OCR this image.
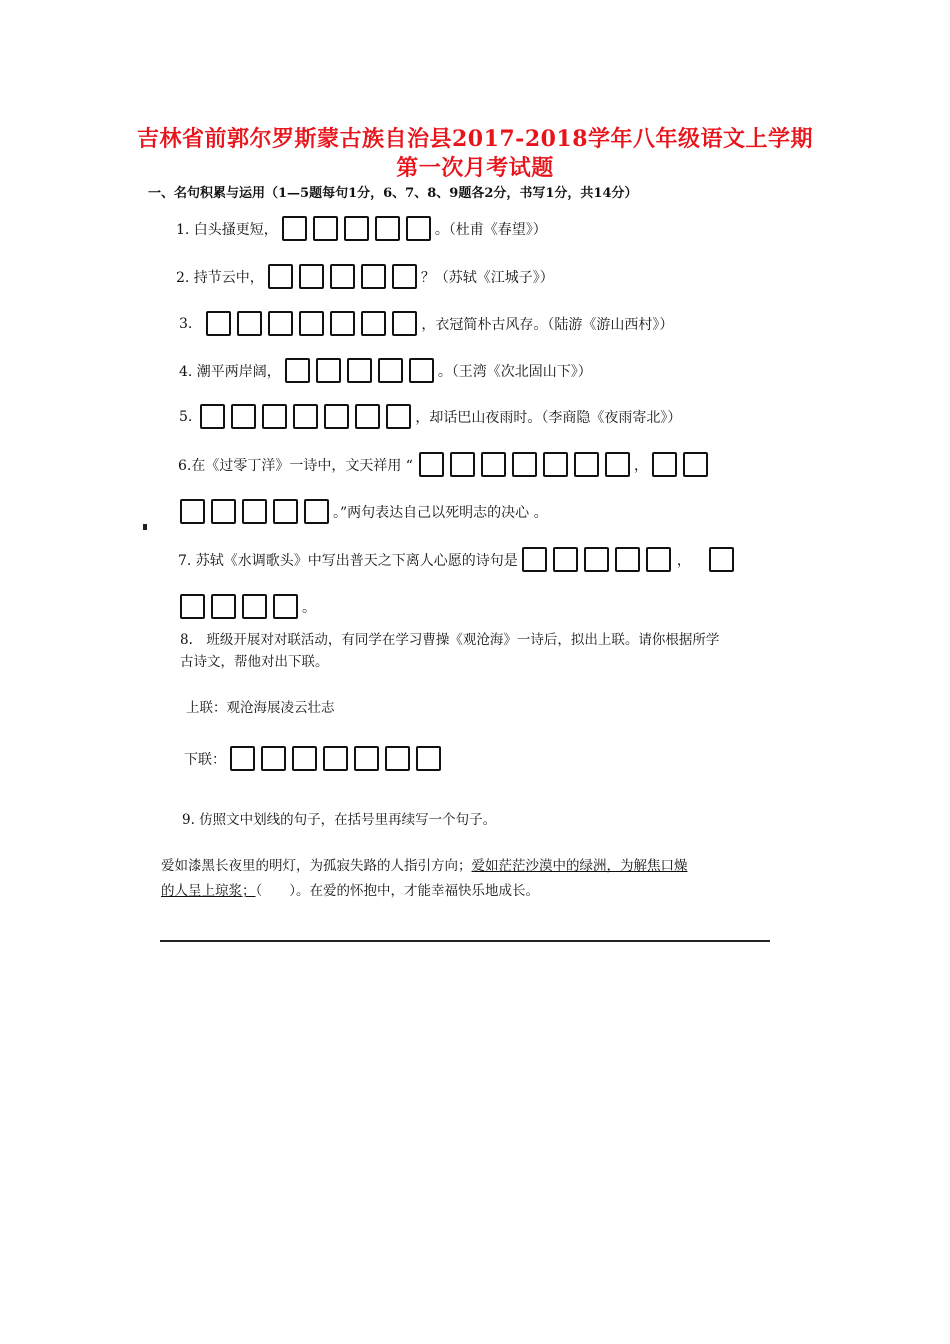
吉林省前郭尔罗斯蒙古族自治县2017-2018学年八年级语文上学期
第一次月考试题
一、名句积累与运用（1—5题每句1分，6、7、8、9题各2分，书写1分，共14分）
1. 白头搔更短，	。（杜甫《春望》）
2. 持节云中，	？（苏轼《江城子》）
3.	，衣冠简朴古风存。（陆游《游山西村》）
4. 潮平两岸阔，	。（王湾《次北固山下》）
5.	，却话巴山夜雨时。（李商隐《夜雨寄北》）
6.在《过零丁洋》一诗中，文天祥用 “	，
。”两句表达自己以死明志的决心 。
7. 苏轼《水调歌头》中写出普天之下离人心愿的诗句是	，
。
8.　班级开展对对联活动，有同学在学习曹操《观沧海》一诗后，拟出上联。请你根据所学
古诗文，帮他对出下联。
上联：观沧海展凌云壮志
下联：
9. 仿照文中划线的句子，在括号里再续写一个句子。
爱如漆黑长夜里的明灯，为孤寂失路的人指引方向；爱如茫茫沙漠中的绿洲，为解焦口燥
的人呈上琼浆；（　　）。在爱的怀抱中，才能幸福快乐地成长。
